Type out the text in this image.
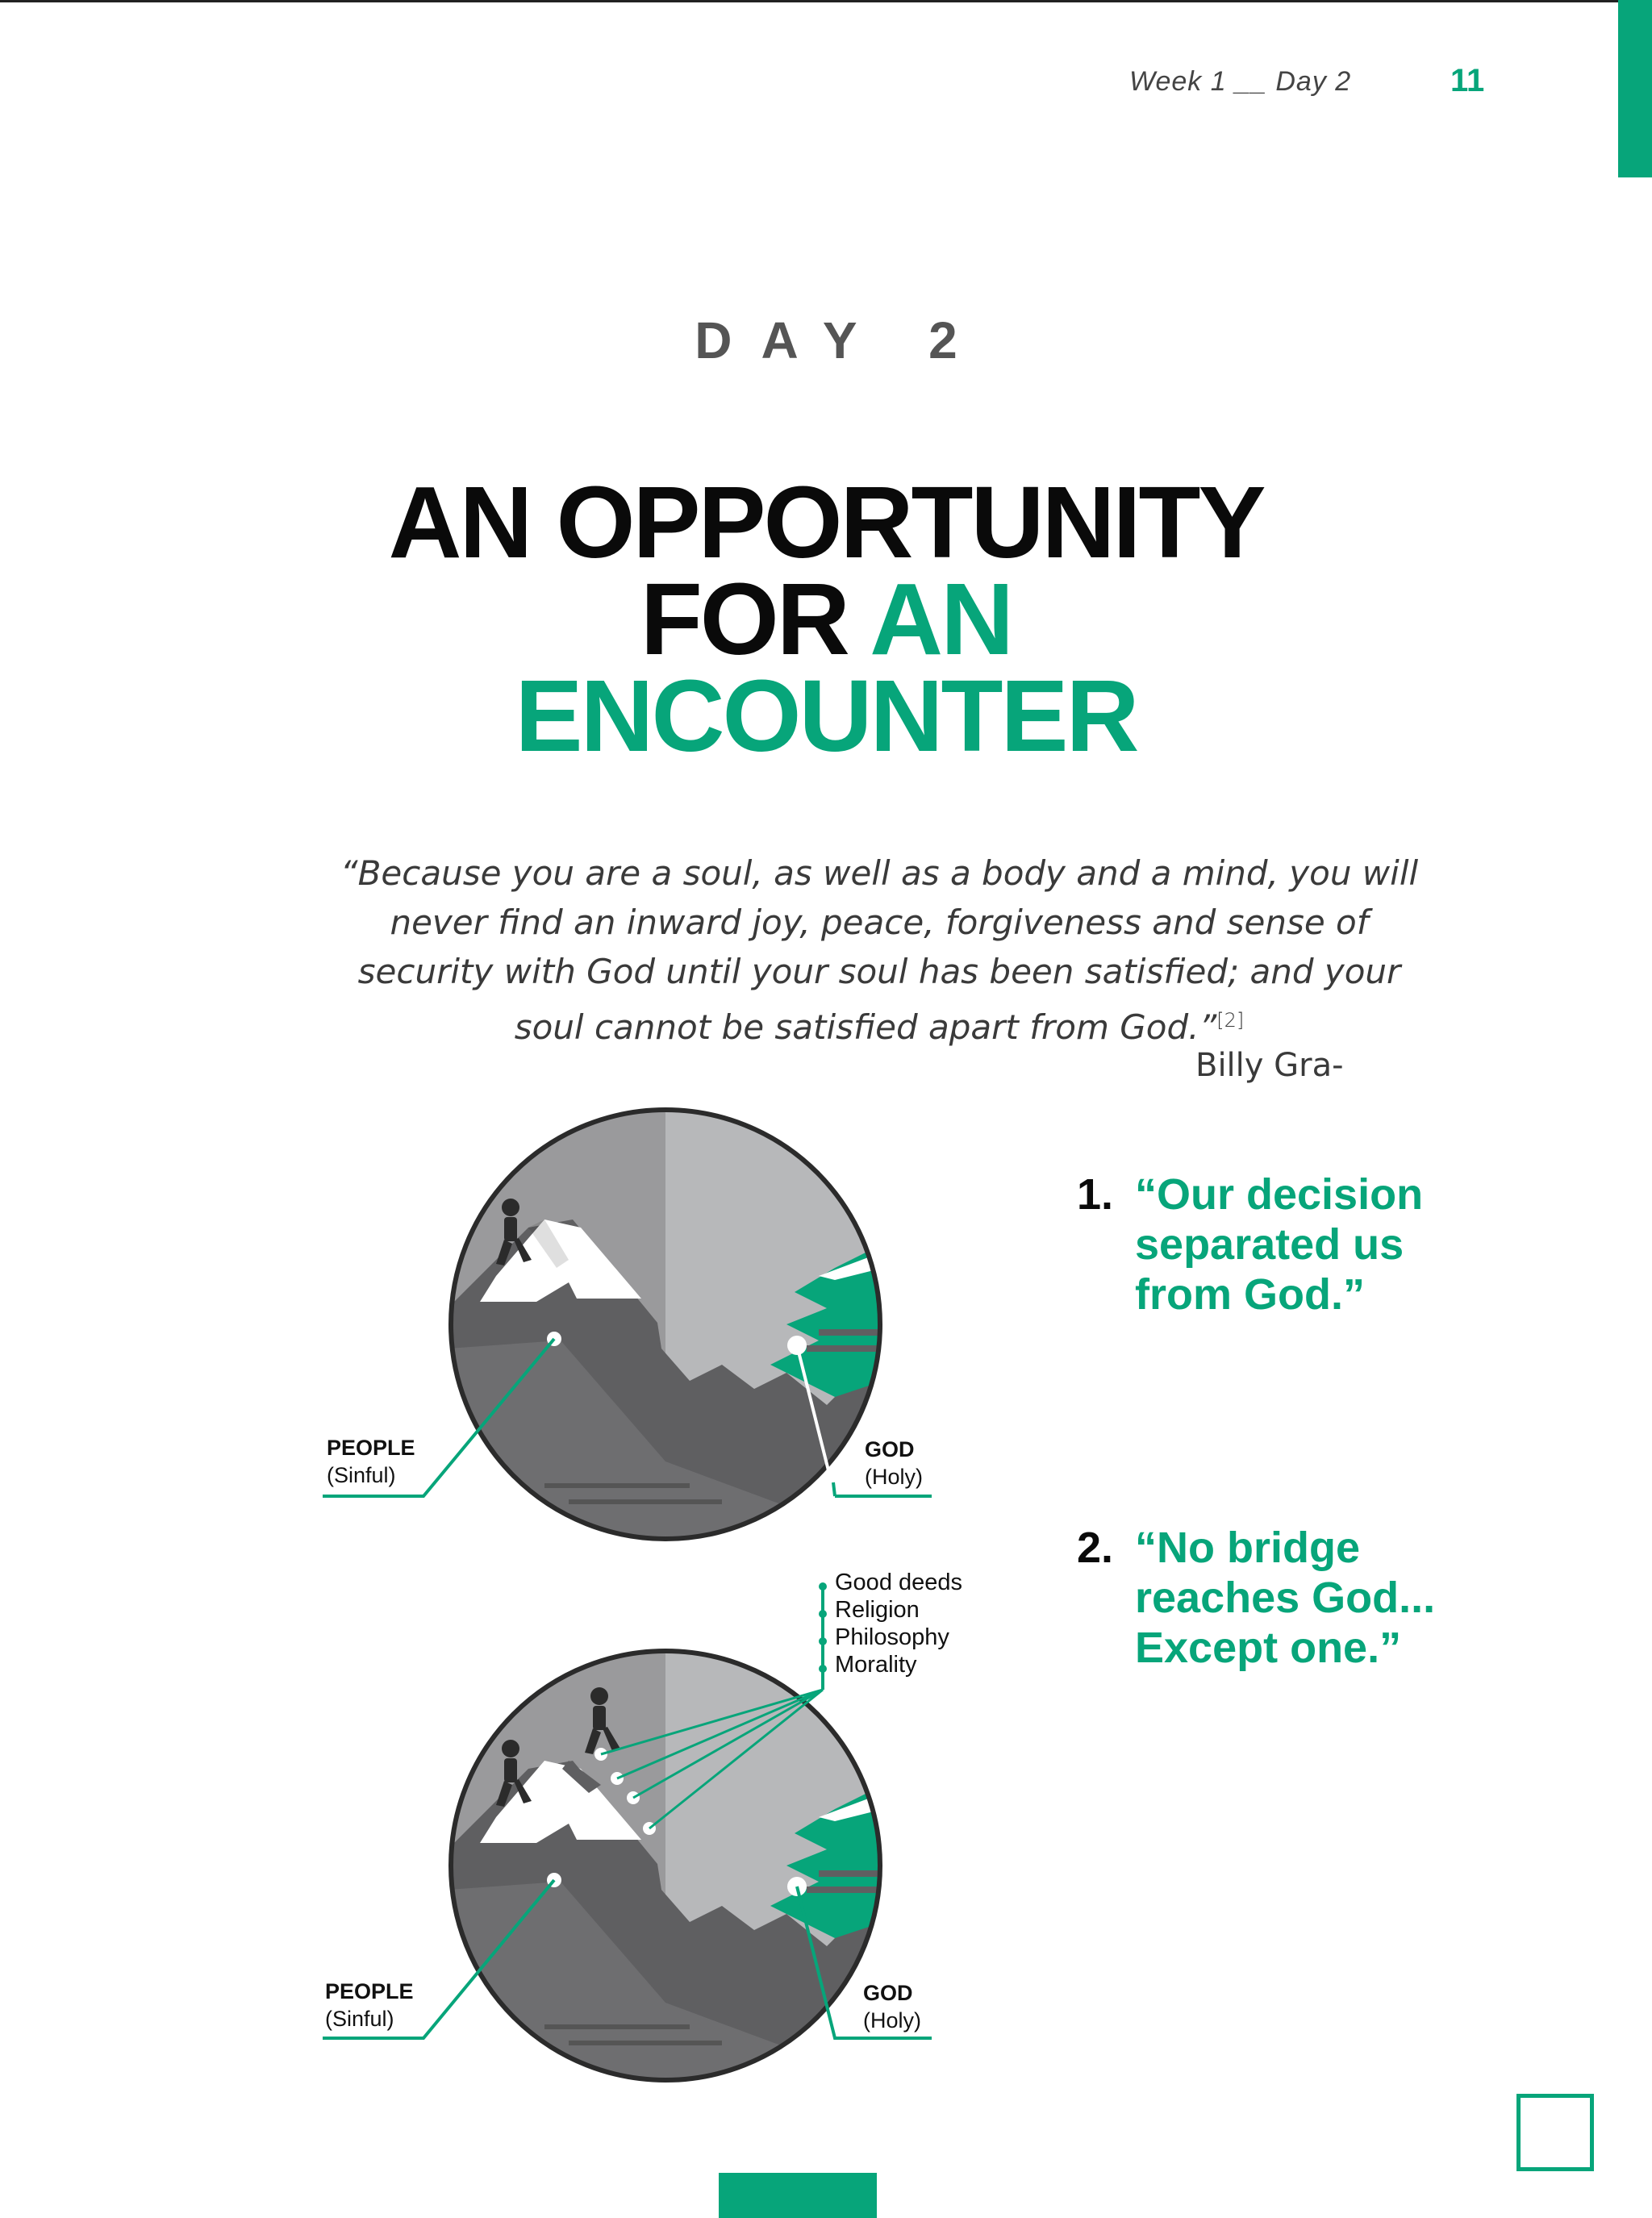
Week 1 __ Day 2	11
DAY 2
AN OPPORTUNITY
FOR AN
ENCOUNTER
“Because you are a soul, as well as a body and a mind, you will never find an inward joy, peace, forgiveness and sense of security with God until your soul has been satisfied; and your soul cannot be satisfied apart from God.”[2]
Billy Gra-
PEOPLE
(Sinful)
GOD
(Holy)
Good deeds
Religion
Philosophy
Morality
PEOPLE
(Sinful)
GOD
(Holy)
1. “Our decision separated us from God.”
2. “No bridge reaches God... Except one.”
